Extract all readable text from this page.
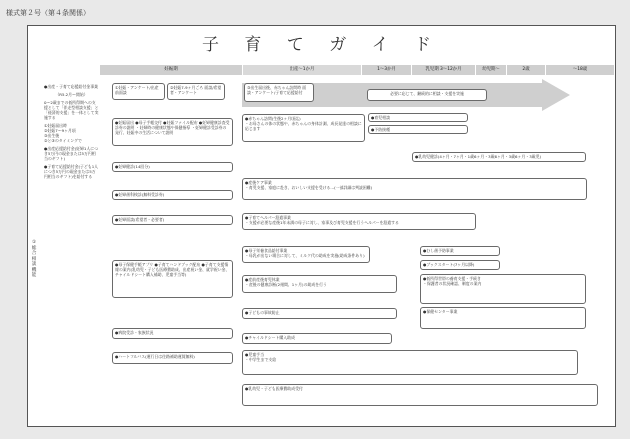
様式第２号（第４条関係）
子 育 て ガ イ ド
妊娠期	出産〜1か月	1〜3か月	乳児期 3〜12か月	幼児期〜	2歳	〜18歳
①総合相談機能

●出産・子育て応援給付金事業

（R5.2月〜開始）

0〜2歳までの低所得期への支援として「伴走型相談支援」と「経済的支援」を一体として実施する

①妊娠届出時

②妊娠7〜9ヶ月頃

③出生後

②と③のタイミングで

●出産応援給付金(妊婦1人につき5万円の現金または5万円相当のギフト)

●子育て応援給付金(子ども1人につき5万円の現金または5万円相当のギフト)を給付する

①妊娠・アンケート/出産前面談
②妊娠7-9ヶ月ごろ 面談/希望者・アンケート
③出生届出後、赤ちゃん訪問時 面談・アンケート/子育て応援給付	必要に応じて、継続的に相談・支援を実施
●妊娠届出 ●母子手帳交付 ●妊娠ファイル配布 ●妊婦健康診査受診券の説明 ・妊婦時の健康状態や保健指導 ・妊婦健診受診券の発行、妊娠中の生活について説明
●赤ちゃん訪問(生後2ヶ月頃迄)
・お母さんの体の状態や、赤ちゃんの身体計測、成長発達の相談に応じます
●育児相談
●予防接種
●妊婦健診(14回分)
●乳幼児健診(4ヶ月・7ヶ月・1歳6ヶ月・3歳6ヶ月・3歳6ヶ月・3歳児)
●妊婦歯科検診(無料受診券)
●産後ケア事業
・育児支援、家庭に赴き、おいしい支援を受ける...(一部詳細は判読困難)
●妊婦面談(希望者・必要者)	●子育てヘルパー派遣事業
・支援が必要な産後1年未満の母子に対し、家事及び育児支援を行うヘルパーを派遣する
●母子保健手帳アプリ ●子育てハンドブック配布 ●子育て支援情報の案内(乳幼児・子ども医療費助成、出産祝い金、就学祝い金、チャイルドシート購入補助、児童手当等)
●母子栄養食品給付事業
・母乳が出ない場合に対して、ミルク代の助成を実施(助成条件あり)
●むし歯予防事業
●ブックスタート(7ヶ月以降)
●産前産後育児休業
・産後の健康診断(2週間、1ヶ月)の助成を行う
●低所得世帯の養育支援・手続き
・保護者の状況確認、制度の案内
●保健センター事業
●子どもの事故防止
●病院受診・家族状況
●チャイルドシート購入助成
●ハートフルバス(運行日は往路補助運賃無料)	●児童手当
・中学生まで支給
●乳幼児・子ども医療費助成受付
